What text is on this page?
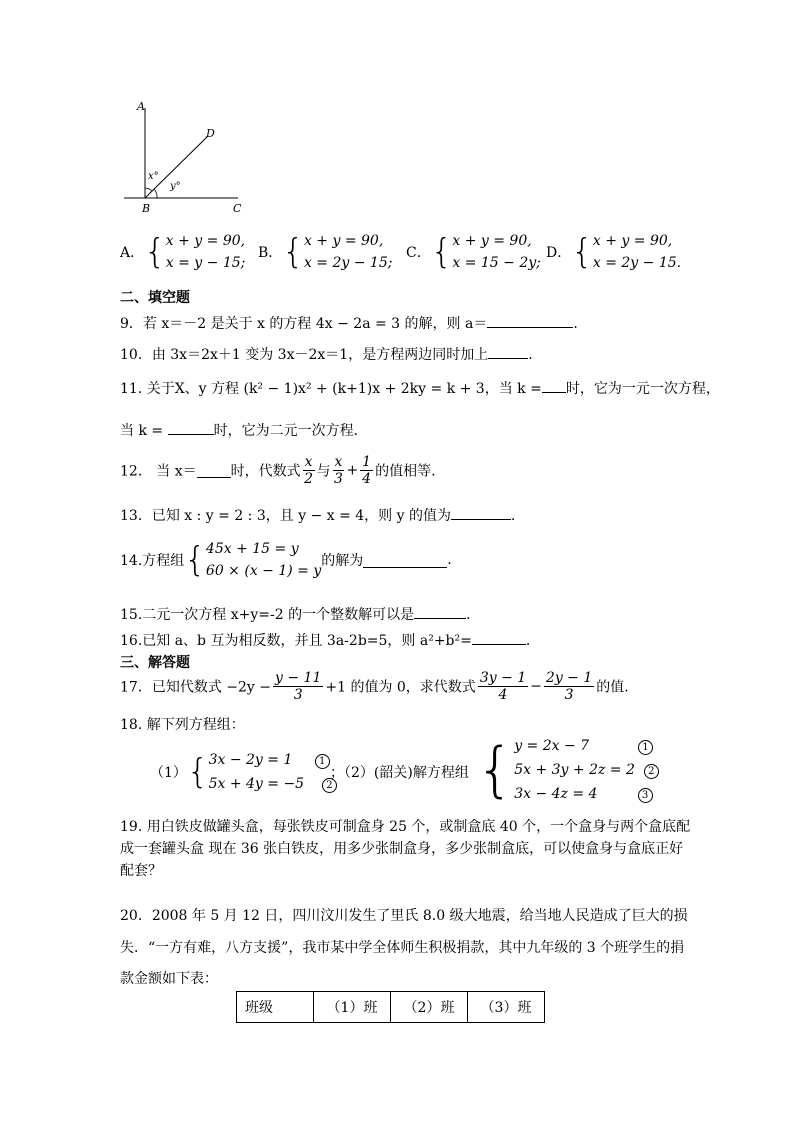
A
D
x°
y°
B	C
A．{x + y = 90,
x = y − 15;
B．{x + y = 90,
x = 2y − 15;
C．{x + y = 90,
x = 15 − 2y;
D．{x + y = 90,
x = 2y − 15.
二、填空题
9．若 x＝－2 是关于 x 的方程 4x − 2a = 3 的解，则 a＝	.
10．由 3x＝2x＋1 变为 3x－2x＝1，是方程两边同时加上	.
11. 关于X、y 方程 (k² − 1)x² + (k+1)x + 2ky = k + 3，当 k = 时，它为一元一次方程，
当 k =	时，它为二元一次方程．
12． 当 x＝ 时，代数式 $\frac{x}{2}$ 与 $\frac{x}{3} + \frac{1}{4}$ 的值相等.
13．已知 x : y = 2 : 3，且 y − x = 4，则 y 的值为	．
14.方程组{45x + 15 = y
60 × (x − 1) = y的解为	.
15.二元一次方程 x+y=-2 的一个整数解可以是	．
16.已知 a、b 互为相反数，并且 3a-2b=5，则 a²+b²=	．
三、解答题
17．已知代数式 $-2y - \frac{y - 11}{3} +1$ 的值为 0，求代数式 $\frac{3y - 1}{4} - \frac{2y - 1}{3}$ 的值.
18. 解下列方程组：
（1）{3x − 2y = 1	1
5x + 4y = −5 2
；（2）(韶关)解方程组 {y = 2x − 7	1
5x + 3y + 2z = 2 2
3x − 4z = 4	3
19. 用白铁皮做罐头盒，每张铁皮可制盒身 25 个，或制盒底 40 个，一个盒身与两个盒底配
成一套罐头盒 现在 36 张白铁皮，用多少张制盒身，多少张制盒底，可以使盒身与盒底正好
配套？
20．2008 年 5 月 12 日，四川汶川发生了里氏 8.0 级大地震，给当地人民造成了巨大的损
失．“一方有难，八方支援”，我市某中学全体师生积极捐款，其中九年级的 3 个班学生的捐
款金额如下表：
班级	（1）班	（2）班	（3）班
